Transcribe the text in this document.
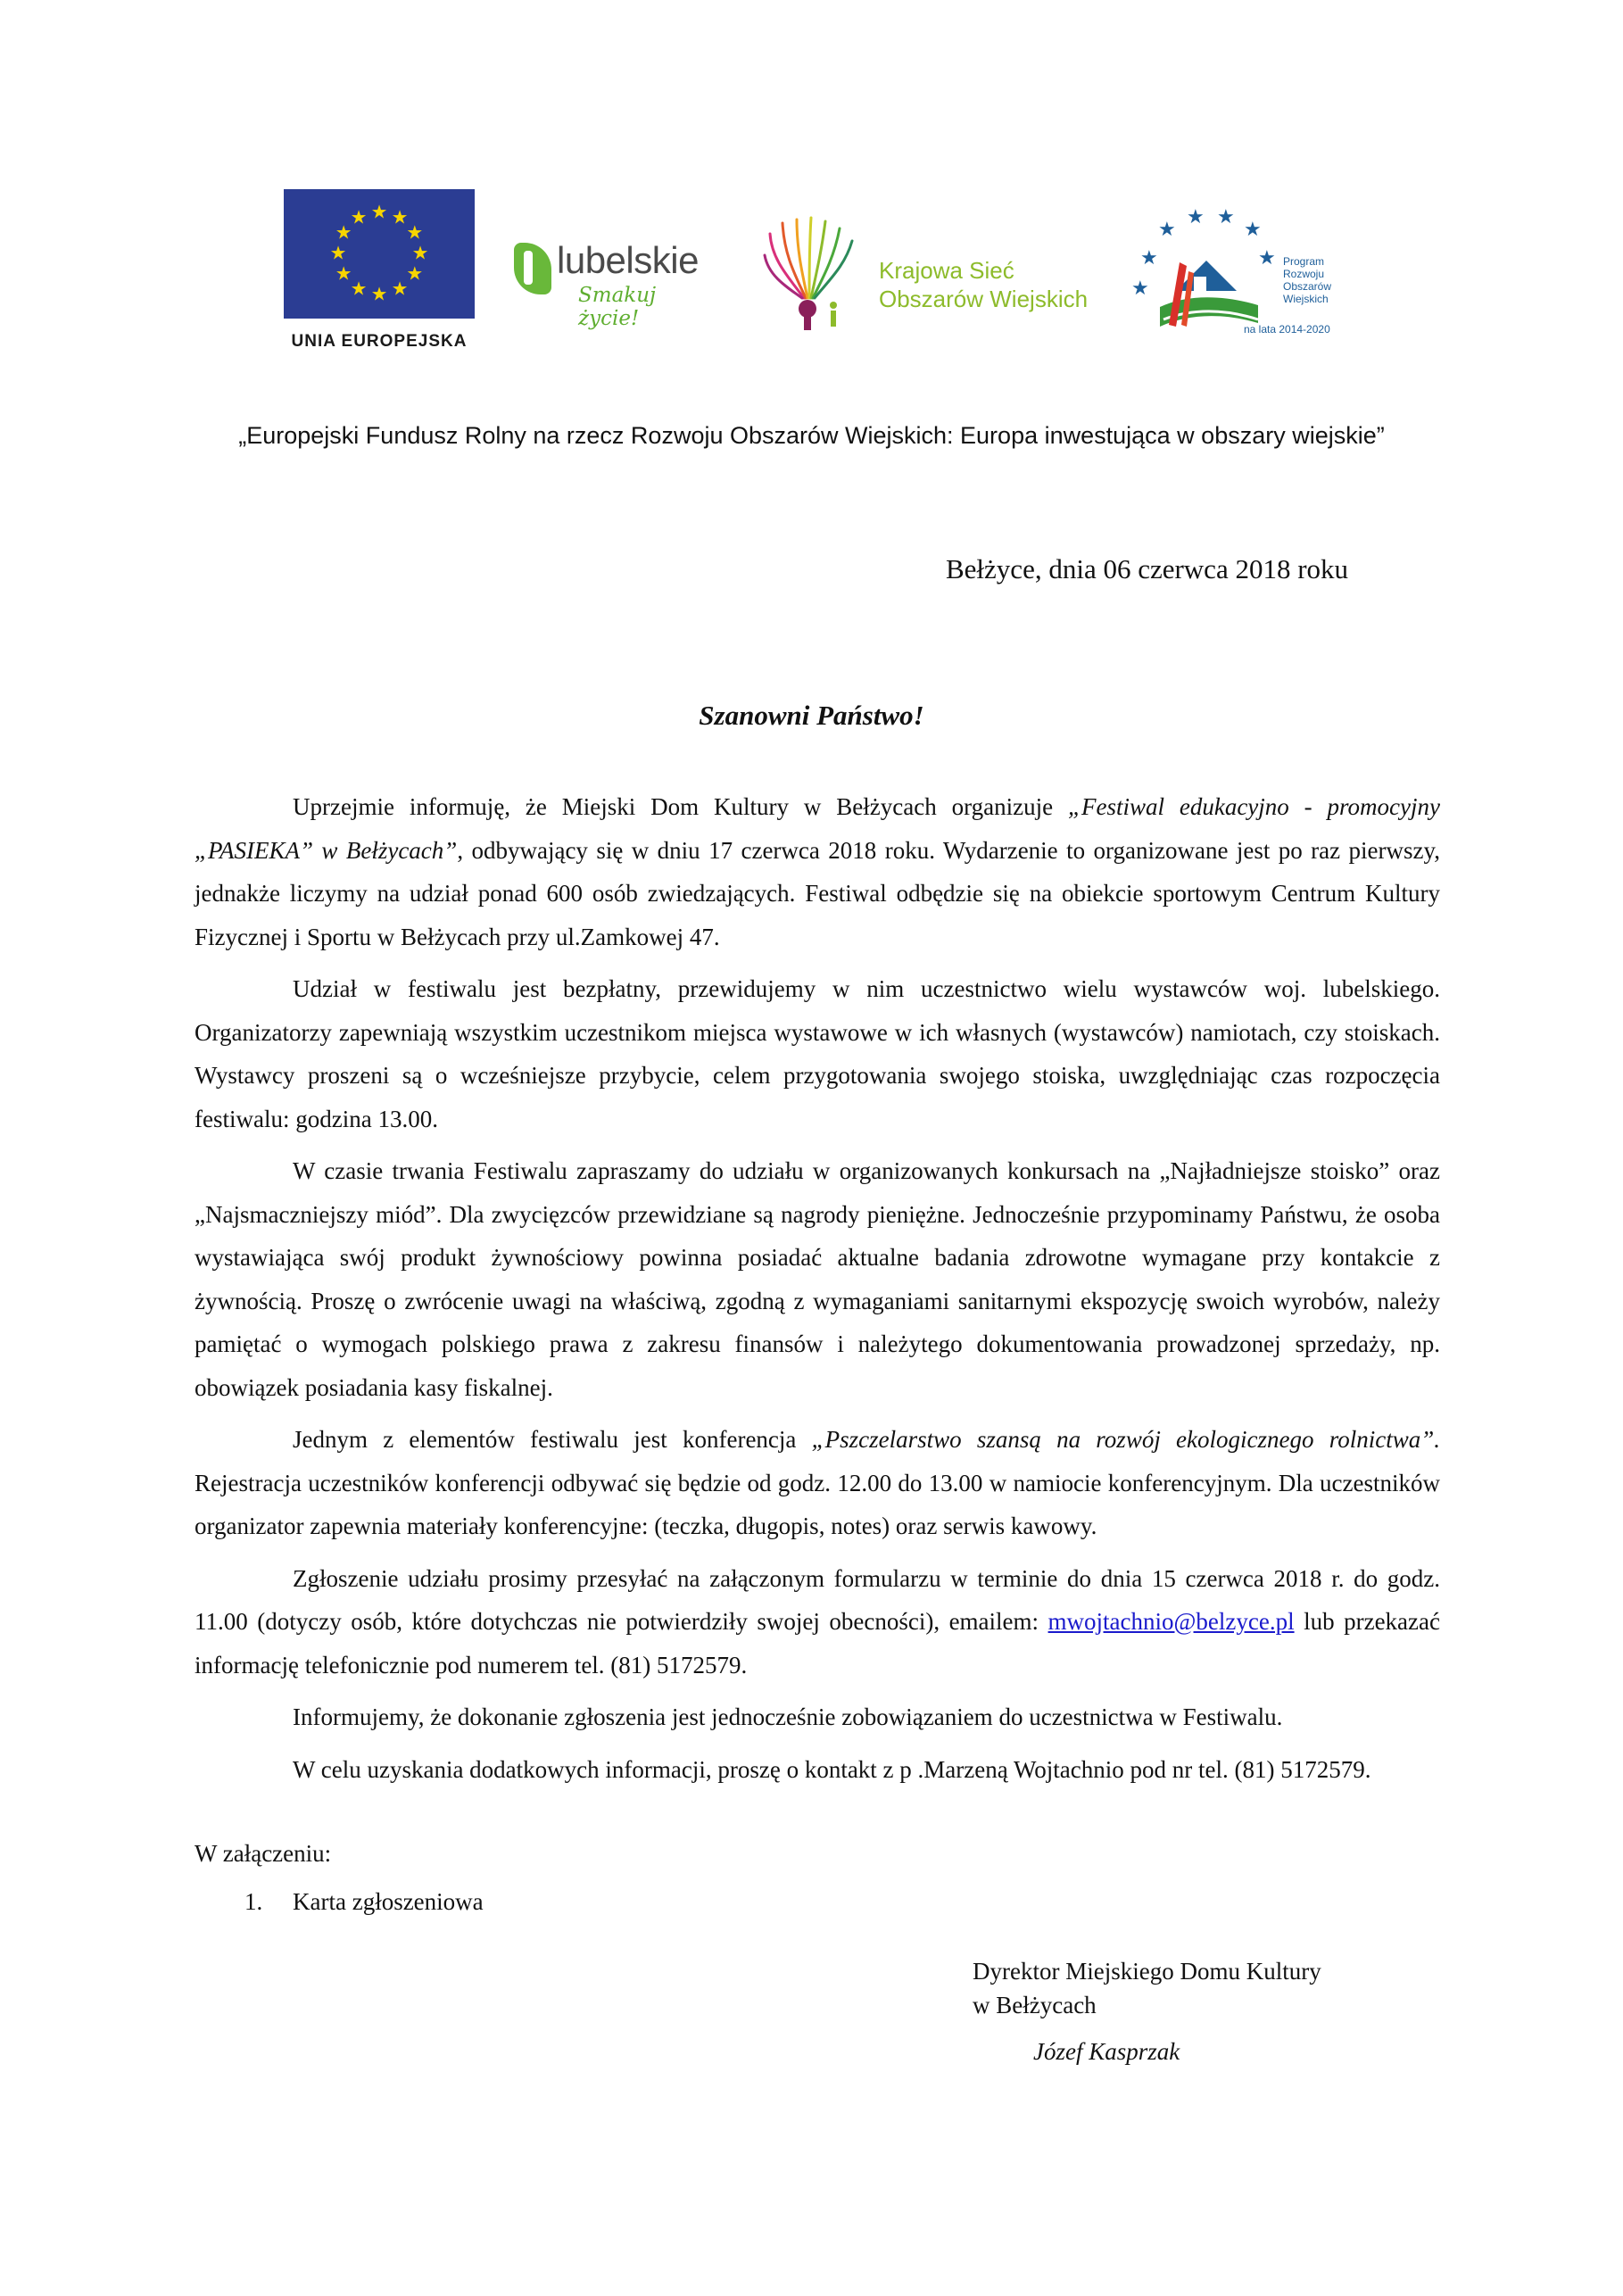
★ ★
★
★
★
★
★
★
★
★
★
★
UNIA EUROPEJSKA
lubelskie
Smakuj życie!
Krajowa Sieć
Obszarów Wiejskich
★
★
★ ★
★
★
★
Program
Rozwoju
Obszarów
Wiejskich
na lata 2014-2020
„Europejski Fundusz Rolny na rzecz Rozwoju Obszarów Wiejskich: Europa inwestująca w obszary wiejskie”
Bełżyce, dnia 06 czerwca 2018 roku
Szanowni Państwo!

Uprzejmie informuję, że Miejski Dom Kultury w Bełżycach organizuje „Festiwal edukacyjno - promocyjny „PASIEKA” w Bełżycach”, odbywający się w dniu 17 czerwca 2018 roku. Wydarzenie to organizowane jest po raz pierwszy, jednakże liczymy na udział ponad 600 osób zwiedzających. Festiwal odbędzie się na obiekcie sportowym Centrum Kultury Fizycznej i Sportu w Bełżycach przy ul.Zamkowej 47.

Udział w festiwalu jest bezpłatny, przewidujemy w nim uczestnictwo wielu wystawców woj. lubelskiego. Organizatorzy zapewniają wszystkim uczestnikom miejsca wystawowe w ich własnych (wystawców) namiotach, czy stoiskach. Wystawcy proszeni są o wcześniejsze przybycie, celem przygotowania swojego stoiska, uwzględniając czas rozpoczęcia festiwalu: godzina 13.00.

W czasie trwania Festiwalu zapraszamy do udziału w organizowanych konkursach na „Najładniejsze stoisko” oraz „Najsmaczniejszy miód”. Dla zwycięzców przewidziane są nagrody pieniężne. Jednocześnie przypominamy Państwu, że osoba wystawiająca swój produkt żywnościowy powinna posiadać aktualne badania zdrowotne wymagane przy kontakcie z żywnością. Proszę o zwrócenie uwagi na właściwą, zgodną z wymaganiami sanitarnymi ekspozycję swoich wyrobów, należy pamiętać o wymogach polskiego prawa z zakresu finansów i należytego dokumentowania prowadzonej sprzedaży, np. obowiązek posiadania kasy fiskalnej.

Jednym z elementów festiwalu jest konferencja „Pszczelarstwo szansą na rozwój ekologicznego rolnictwa”. Rejestracja uczestników konferencji odbywać się będzie od godz. 12.00 do 13.00 w namiocie konferencyjnym. Dla uczestników organizator zapewnia materiały konferencyjne: (teczka, długopis, notes) oraz serwis kawowy.

Zgłoszenie udziału prosimy przesyłać na załączonym formularzu w terminie do dnia 15 czerwca 2018 r. do godz. 11.00 (dotyczy osób, które dotychczas nie potwierdziły swojej obecności), emailem: mwojtachnio@belzyce.pl lub przekazać informację telefonicznie pod numerem tel. (81) 5172579.

Informujemy, że dokonanie zgłoszenia jest jednocześnie zobowiązaniem do uczestnictwa w Festiwalu.

W celu uzyskania dodatkowych informacji, proszę o kontakt z p .Marzeną Wojtachnio pod nr tel. (81) 5172579.

W załączeniu:
1. Karta zgłoszeniowa
Dyrektor Miejskiego Domu Kultury
w Bełżycach
Józef Kasprzak
